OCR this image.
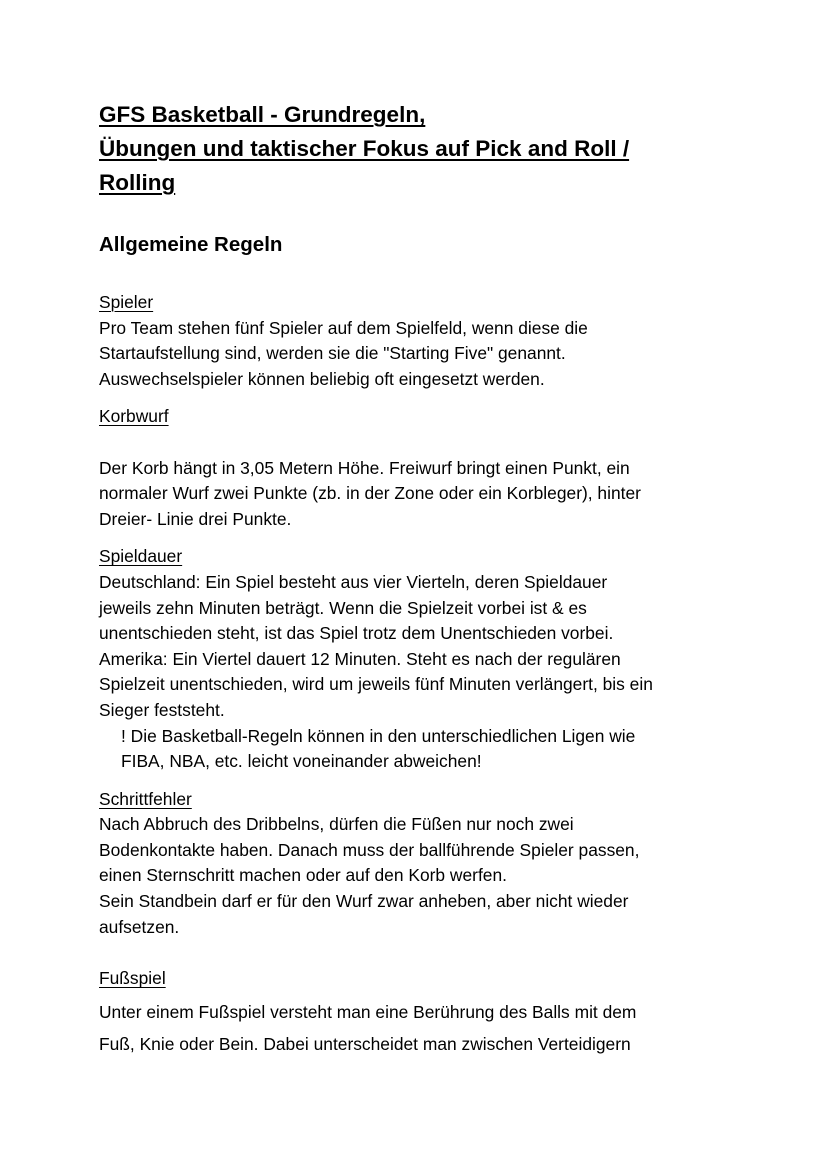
GFS Basketball - Grundregeln,
Übungen und taktischer Fokus auf Pick and Roll /
Rolling
Allgemeine Regeln
Spieler

Pro Team stehen fünf Spieler auf dem Spielfeld, wenn diese die
Startaufstellung sind, werden sie die "Starting Five" genannt.
Auswechselspieler können beliebig oft eingesetzt werden.

Korbwurf

Der Korb hängt in 3,05 Metern Höhe. Freiwurf bringt einen Punkt, ein
normaler Wurf zwei Punkte (zb. in der Zone oder ein Korbleger), hinter
Dreier- Linie drei Punkte.

Spieldauer

Deutschland: Ein Spiel besteht aus vier Vierteln, deren Spieldauer
jeweils zehn Minuten beträgt. Wenn die Spielzeit vorbei ist & es
unentschieden steht, ist das Spiel trotz dem Unentschieden vorbei.
Amerika: Ein Viertel dauert 12 Minuten. Steht es nach der regulären
Spielzeit unentschieden, wird um jeweils fünf Minuten verlängert, bis ein
Sieger feststeht.

! Die Basketball-Regeln können in den unterschiedlichen Ligen wie
FIBA, NBA, etc. leicht voneinander abweichen!

Schrittfehler

Nach Abbruch des Dribbelns, dürfen die Füßen nur noch zwei
Bodenkontakte haben. Danach muss der ballführende Spieler passen,
einen Sternschritt machen oder auf den Korb werfen.
Sein Standbein darf er für den Wurf zwar anheben, aber nicht wieder
aufsetzen.

Fußspiel

Unter einem Fußspiel versteht man eine Berührung des Balls mit dem
Fuß, Knie oder Bein. Dabei unterscheidet man zwischen Verteidigern
